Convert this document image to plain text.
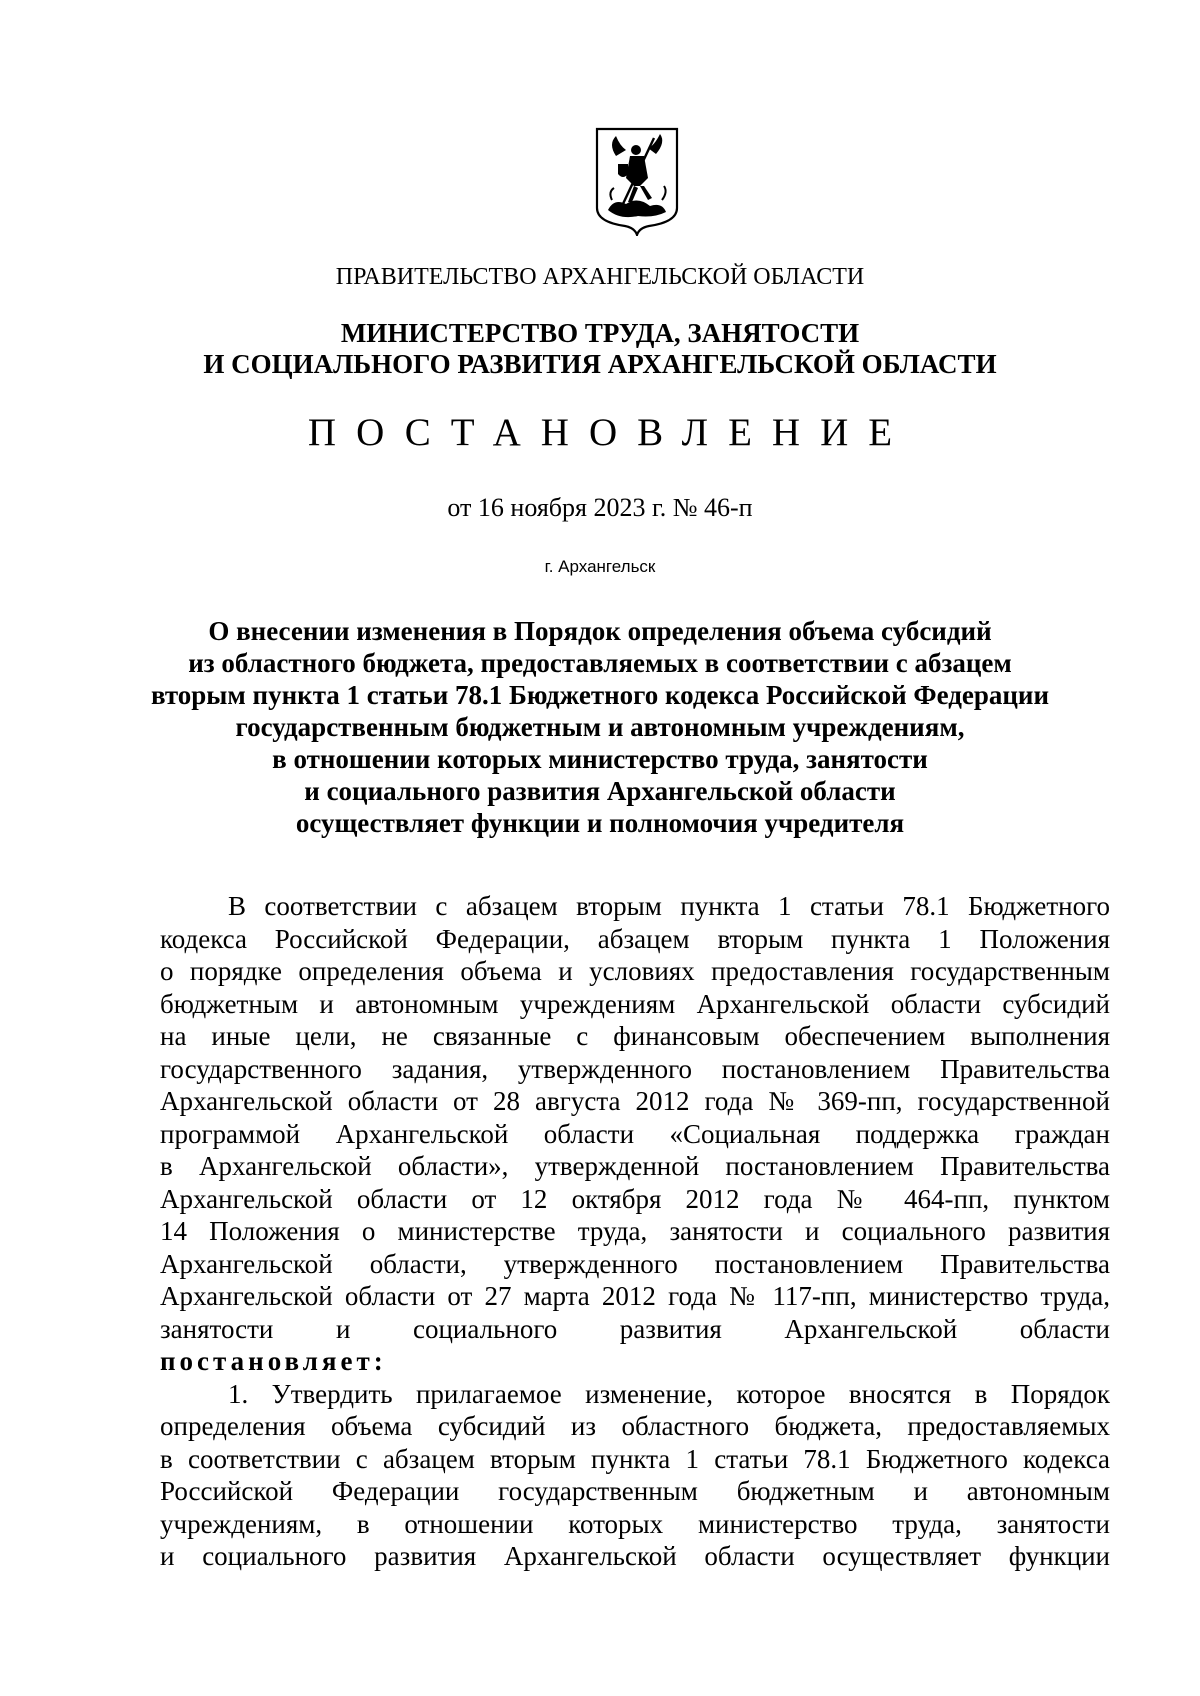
ПРАВИТЕЛЬСТВО АРХАНГЕЛЬСКОЙ ОБЛАСТИ
МИНИСТЕРСТВО ТРУДА, ЗАНЯТОСТИ
И СОЦИАЛЬНОГО РАЗВИТИЯ АРХАНГЕЛЬСКОЙ ОБЛАСТИ
ПОСТАНОВЛЕНИЕ
от 16 ноября 2023 г. № 46-п
г. Архангельск
О внесении изменения в Порядок определения объема субсидий
из областного бюджета, предоставляемых в соответствии с абзацем
вторым пункта 1 статьи 78.1 Бюджетного кодекса Российской Федерации
государственным бюджетным и автономным учреждениям,
в отношении которых министерство труда, занятости
и социального развития Архангельской области
осуществляет функции и полномочия учредителя
В соответствии с абзацем вторым пункта 1 статьи 78.1 Бюджетного
кодекса Российской Федерации, абзацем вторым пункта 1 Положения
о порядке определения объема и условиях предоставления государственным
бюджетным и автономным учреждениям Архангельской области субсидий
на иные цели, не связанные с финансовым обеспечением выполнения
государственного задания, утвержденного постановлением Правительства
Архангельской области от 28 августа 2012 года № 369-пп, государственной
программой Архангельской области «Социальная поддержка граждан
в Архангельской области», утвержденной постановлением Правительства
Архангельской области от 12 октября 2012 года № 464-пп, пунктом
14 Положения о министерстве труда, занятости и социального развития
Архангельской области, утвержденного постановлением Правительства
Архангельской области от 27 марта 2012 года № 117-пп, министерство труда,
занятости и социального развития Архангельской области
постановляет:
1. Утвердить прилагаемое изменение, которое вносятся в Порядок
определения объема субсидий из областного бюджета, предоставляемых
в соответствии с абзацем вторым пункта 1 статьи 78.1 Бюджетного кодекса
Российской Федерации государственным бюджетным и автономным
учреждениям, в отношении которых министерство труда, занятости
и социального развития Архангельской области осуществляет функции
